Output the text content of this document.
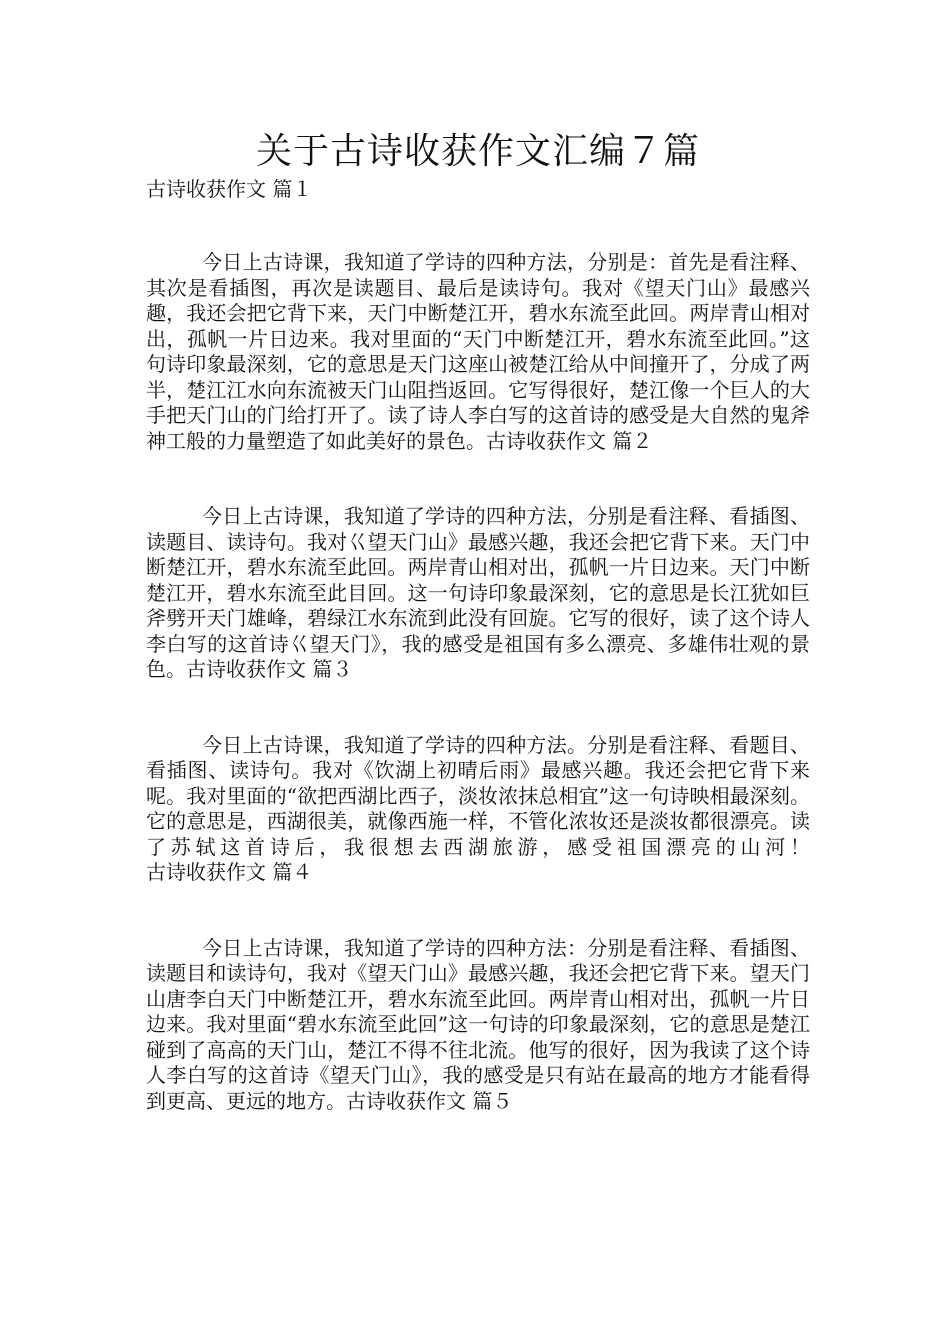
关于古诗收获作文汇编７篇

古诗收获作文 篇１

今日上古诗课，我知道了学诗的四种方法，分别是：首先是看注释、其次是看插图，再次是读题目、最后是读诗句。我对《望天门山》最感兴趣，我还会把它背下来，天门中断楚江开，碧水东流至此回。两岸青山相对出，孤帆一片日边来。我对里面的“天门中断楚江开，碧水东流至此回。”这句诗印象最深刻，它的意思是天门这座山被楚江给从中间撞开了，分成了两半，楚江江水向东流被天门山阻挡返回。它写得很好，楚江像一个巨人的大手把天门山的门给打开了。读了诗人李白写的这首诗的感受是大自然的鬼斧神工般的力量塑造了如此美好的景色。古诗收获作文 篇２

今日上古诗课，我知道了学诗的四种方法，分别是看注释、看插图、读题目、读诗句。我对巜望天门山》最感兴趣，我还会把它背下来。天门中断楚江开，碧水东流至此回。两岸青山相对出，孤帆一片日边来。天门中断楚江开，碧水东流至此目回。这一句诗印象最深刻，它的意思是长江犹如巨斧劈开天门雄峰，碧绿江水东流到此没有回旋。它写的很好，读了这个诗人李白写的这首诗巜望天门》，我的感受是祖国有多么漂亮、多雄伟壮观的景色。古诗收获作文 篇３

今日上古诗课，我知道了学诗的四种方法。分别是看注释、看题目、看插图、读诗句。我对《饮湖上初晴后雨》最感兴趣。我还会把它背下来呢。我对里面的“欲把西湖比西子，淡妆浓抹总相宜”这一句诗映相最深刻。它的意思是，西湖很美，就像西施一样，不管化浓妆还是淡妆都很漂亮。读了苏轼这首诗后，我很想去西湖旅游，感受祖国漂亮的山河！古诗收获作文 篇４

今日上古诗课，我知道了学诗的四种方法：分别是看注释、看插图、读题目和读诗句，我对《望天门山》最感兴趣，我还会把它背下来。望天门山唐李白天门中断楚江开，碧水东流至此回。两岸青山相对出，孤帆一片日边来。我对里面“碧水东流至此回”这一句诗的印象最深刻，它的意思是楚江碰到了高高的天门山，楚江不得不往北流。他写的很好，因为我读了这个诗人李白写的这首诗《望天门山》，我的感受是只有站在最高的地方才能看得到更高、更远的地方。古诗收获作文 篇５
